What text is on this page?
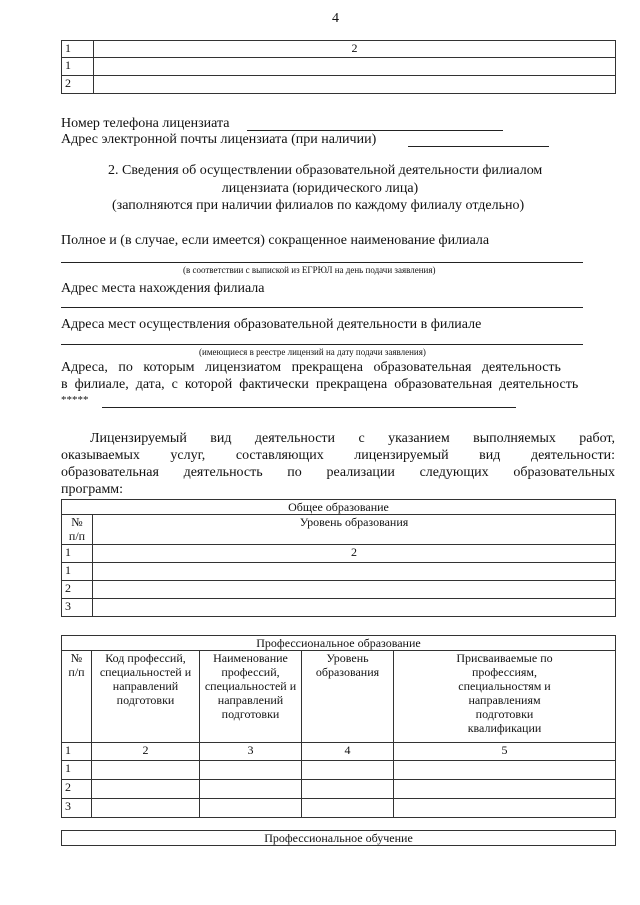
4
1	2
1	
2	
Номер телефона лицензиата
Адрес электронной почты лицензиата (при наличии)
2. Сведения об осуществлении образовательной деятельности филиалом
лицензиата (юридического лица)
(заполняются при наличии филиалов по каждому филиалу отдельно)
Полное и (в случае, если имеется) сокращенное наименование филиала
(в соответствии с выпиской из ЕГРЮЛ на день подачи заявления)
Адрес места нахождения филиала
Адреса мест осуществления образовательной деятельности в филиале
(имеющиеся в реестре лицензий на дату подачи заявления)
Адреса,   по   которым   лицензиатом   прекращена   образовательная   деятельность
в  филиале,  дата,  с  которой  фактически  прекращена  образовательная  деятельность
*****
Лицензируемый вид деятельности с указанием выполняемых работ,
оказываемых услуг, составляющих лицензируемый вид деятельности:
образовательная деятельность по реализации следующих образовательных
программ:
Общее образование	
№ п/п	Уровень образования
1	2
1	
2	
3	
Профессиональное образование				
№ п/п	Код профессий, специальностей и направлений подготовки	Наименование профессий, специальностей и направлений подготовки	Уровень образования	Присваиваемые по профессиям, специальностям и направлениям подготовки квалификации
1	2	3	4	5
1				
2				
3				
Профессиональное обучение
